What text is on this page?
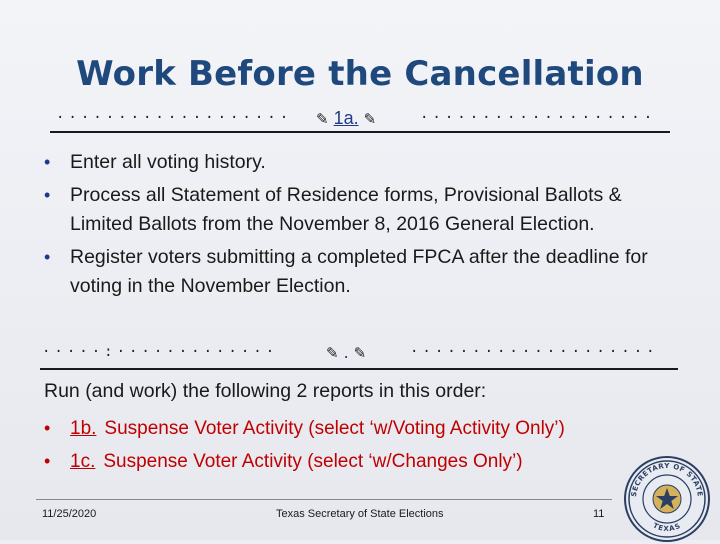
Work Before the Cancellation
···················	✎ 1a. ✎	···················
• Enter all voting history.
• Process all Statement of Residence forms, Provisional Ballots & Limited Ballots from the November 8, 2016 General Election.
• Register voters submitting a completed FPCA after the deadline for voting in the November Election.
·····:·············	✎ . ✎	····················
Run (and work) the following 2 reports in this order:
• 1b. Suspense Voter Activity (select ‘w/Voting Activity Only’)
• 1c. Suspense Voter Activity (select ‘w/Changes Only’)
11/25/2020	Texas Secretary of State Elections	11
SECRETARY OF STATE
TEXAS
